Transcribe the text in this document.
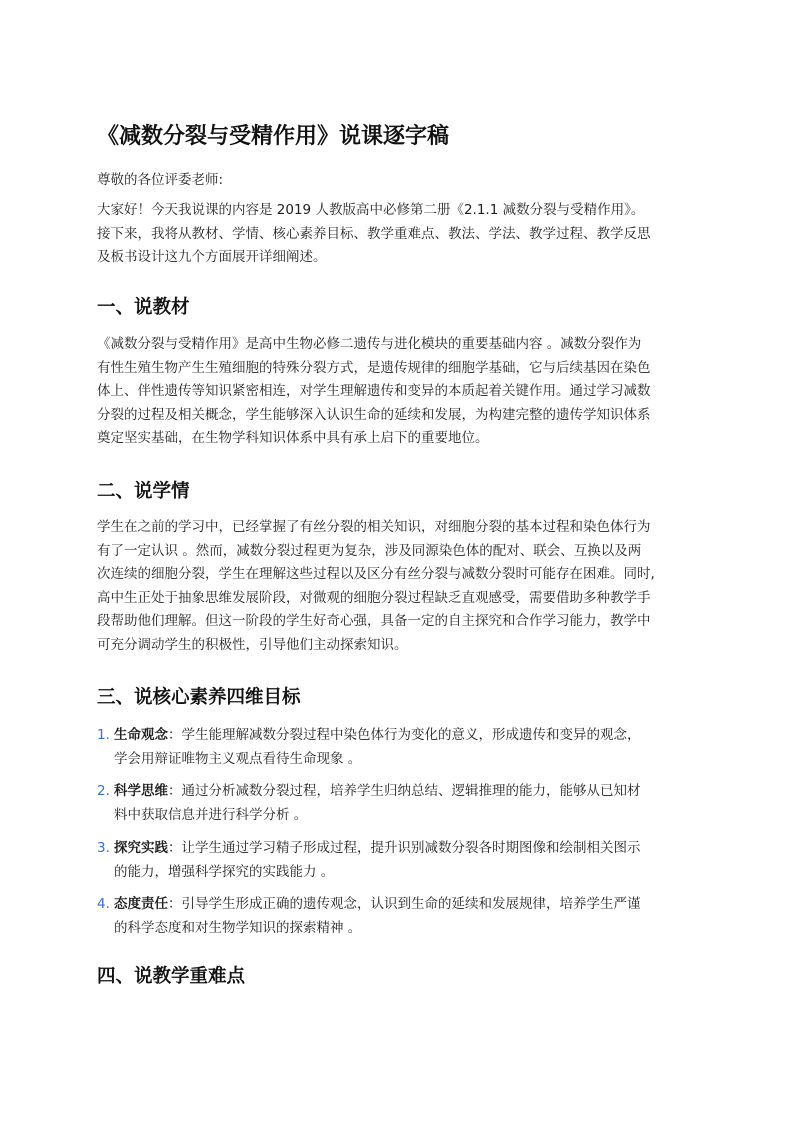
《减数分裂与受精作用》说课逐字稿

尊敬的各位评委老师:

大家好！今天我说课的内容是 2019 人教版高中必修第二册《2.1.1 减数分裂与受精作用》。
接下来，我将从教材、学情、核心素养目标、教学重难点、教法、学法、教学过程、教学反思
及板书设计这九个方面展开详细阐述。
一、说教材
《减数分裂与受精作用》是高中生物必修二遗传与进化模块的重要基础内容 。减数分裂作为
有性生殖生物产生生殖细胞的特殊分裂方式，是遗传规律的细胞学基础，它与后续基因在染色
体上、伴性遗传等知识紧密相连，对学生理解遗传和变异的本质起着关键作用。通过学习减数
分裂的过程及相关概念，学生能够深入认识生命的延续和发展，为构建完整的遗传学知识体系
奠定坚实基础，在生物学科知识体系中具有承上启下的重要地位。
二、说学情
学生在之前的学习中，已经掌握了有丝分裂的相关知识，对细胞分裂的基本过程和染色体行为
有了一定认识 。然而，减数分裂过程更为复杂，涉及同源染色体的配对、联会、互换以及两
次连续的细胞分裂，学生在理解这些过程以及区分有丝分裂与减数分裂时可能存在困难。同时,
高中生正处于抽象思维发展阶段，对微观的细胞分裂过程缺乏直观感受，需要借助多种教学手
段帮助他们理解。但这一阶段的学生好奇心强，具备一定的自主探究和合作学习能力，教学中
可充分调动学生的积极性，引导他们主动探索知识。
三、说核心素养四维目标
1. 生命观念：学生能理解减数分裂过程中染色体行为变化的意义，形成遗传和变异的观念，
学会用辩证唯物主义观点看待生命现象 。
2. 科学思维：通过分析减数分裂过程，培养学生归纳总结、逻辑推理的能力，能够从已知材
料中获取信息并进行科学分析 。
3. 探究实践：让学生通过学习精子形成过程，提升识别减数分裂各时期图像和绘制相关图示
的能力，增强科学探究的实践能力 。
4. 态度责任：引导学生形成正确的遗传观念，认识到生命的延续和发展规律，培养学生严谨
的科学态度和对生物学知识的探索精神 。
四、说教学重难点
